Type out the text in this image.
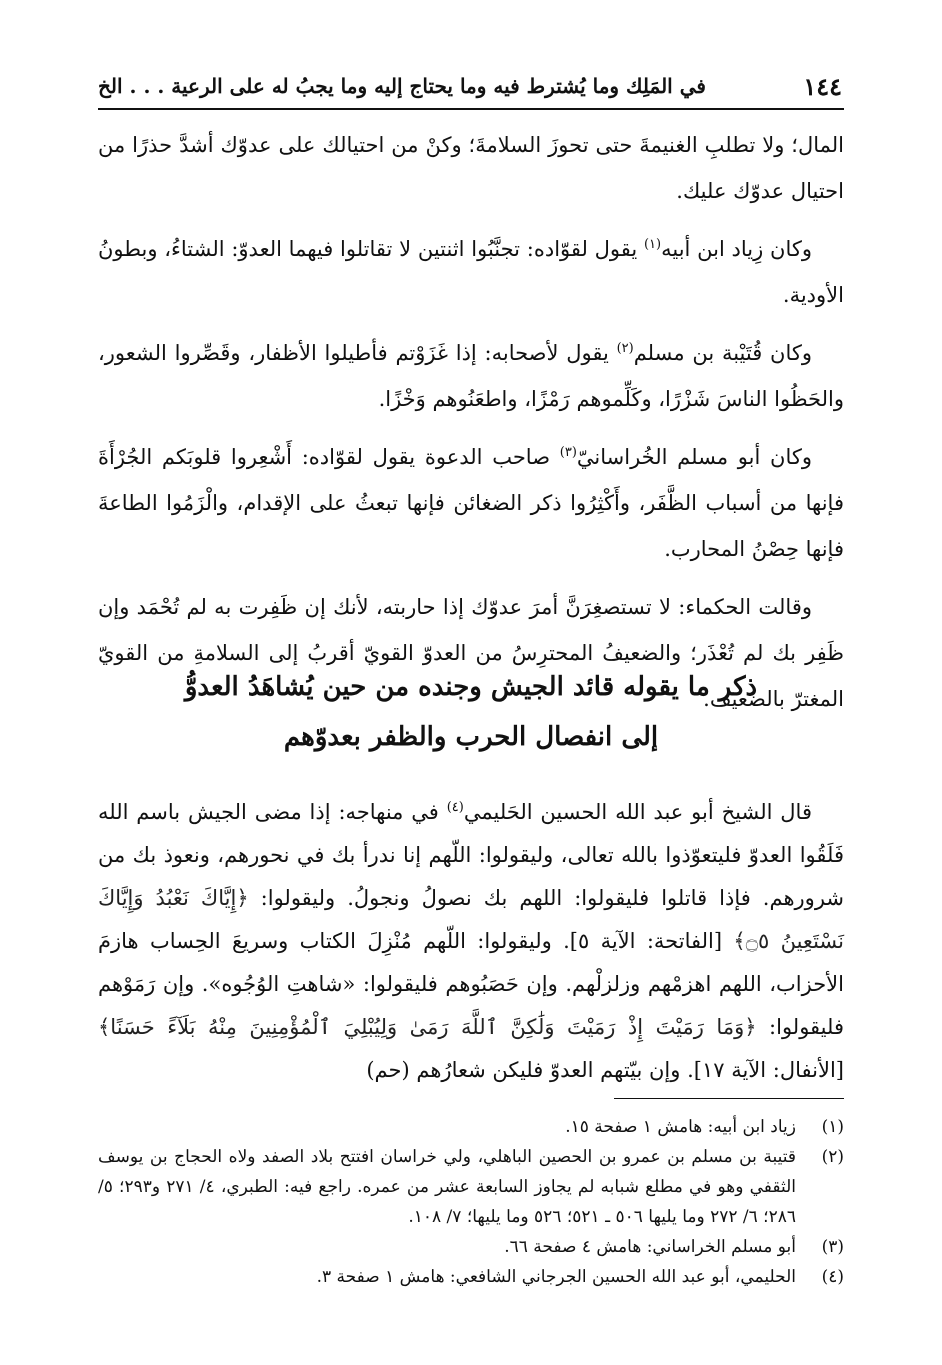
١٤٤
في المَلِك وما يُشترط فيه وما يحتاج إليه وما يجبُ له على الرعية . . . الخ

المال؛ ولا تطلبِ الغنيمةَ حتى تحوزَ السلامةَ؛ وكنْ من احتيالك على عدوّك أشدَّ حذرًا من احتيال عدوّك عليك.

وكان زِياد ابن أبيه$^{(١)}$ يقول لقوّاده: تجنَّبُوا اثنتين لا تقاتلوا فيهما العدوّ: الشتاءُ، وبطونُ الأودية.

وكان قُتَيْبة بن مسلم$^{(٢)}$ يقول لأصحابه: إذا غَزَوْتم فأطيلوا الأظفار، وقَصِّروا الشعور، والحَظُوا الناسَ شَزْرًا، وكَلِّموهم رَمْزًا، واطعَنُوهم وَخْزًا.

وكان أبو مسلم الخُراسانيّ$^{(٣)}$ صاحب الدعوة يقول لقوّاده: أَشْعِروا قلوبَكم الجُرْأَةَ فإنها من أسباب الظَّفَر، وأَكْثِرُوا ذكر الضغائن فإنها تبعثُ على الإقدام، والْزَمُوا الطاعةَ فإنها حِصْنُ المحارب.

وقالت الحكماء: لا تستصغِرَنَّ أمرَ عدوّك إذا حاربته، لأنك إن ظَفِرت به لم تُحْمَد وإن ظَفِر بك لم تُعْذَر؛ والضعيفُ المحترِسُ من العدوّ القويّ أقربُ إلى السلامةِ من القويّ المغترّ بالضعيف.

ذكر ما يقوله قائد الجيش وجنده من حين يُشاهَدُ العدوُّ
إلى انفصال الحرب والظفر بعدوّهم

قال الشيخ أبو عبد الله الحسين الحَليمي$^{(٤)}$ في منهاجه: إذا مضى الجيش باسم الله فَلَقُوا العدوّ فليتعوّذوا بالله تعالى، وليقولوا: اللّهم إنا ندرأ بك في نحورهم، ونعوذ بك من شرورهم. فإذا قاتلوا فليقولوا: اللهم بك نصولُ ونجولُ. وليقولوا: ﴿إِيَّاكَ نَعْبُدُ وَإِيَّاكَ نَسْتَعِينُ ۝٥﴾ [الفاتحة: الآية ٥]. وليقولوا: اللّهم مُنْزِلَ الكتاب وسريعَ الحِساب هازمَ الأحزاب، اللهم اهزمْهم وزلزلْهم. وإن حَصَبُوهم فليقولوا: «شاهتِ الوُجُوه». وإن رَمَوْهم فليقولوا: ﴿وَمَا رَمَيْتَ إِذْ رَمَيْتَ وَلَٰكِنَّ ٱللَّهَ رَمَىٰ وَلِيُبْلِيَ ٱلْمُؤْمِنِينَ مِنْهُ بَلَآءً حَسَنًا﴾ [الأنفال: الآية ١٧]. وإن بيّتهم العدوّ فليكن شعارُهم (حم)

(١)
زياد ابن أبيه: هامش ١ صفحة ١٥.

(٢)
قتيبة بن مسلم بن عمرو بن الحصين الباهلي، ولي خراسان افتتح بلاد الصفد ولاه الحجاج بن يوسف الثقفي وهو في مطلع شبابه لم يجاوز السابعة عشر من عمره. راجع فيه: الطبري، ٤/ ٢٧١ و٢٩٣؛ ٥/ ٢٨٦؛ ٦/ ٢٧٢ وما يليها ٥٠٦ ـ ٥٢١؛ ٥٢٦ وما يليها؛ ٧/ ١٠٨.

(٣)
أبو مسلم الخراساني: هامش ٤ صفحة ٦٦.

(٤)
الحليمي، أبو عبد الله الحسين الجرجاني الشافعي: هامش ١ صفحة ٣.
